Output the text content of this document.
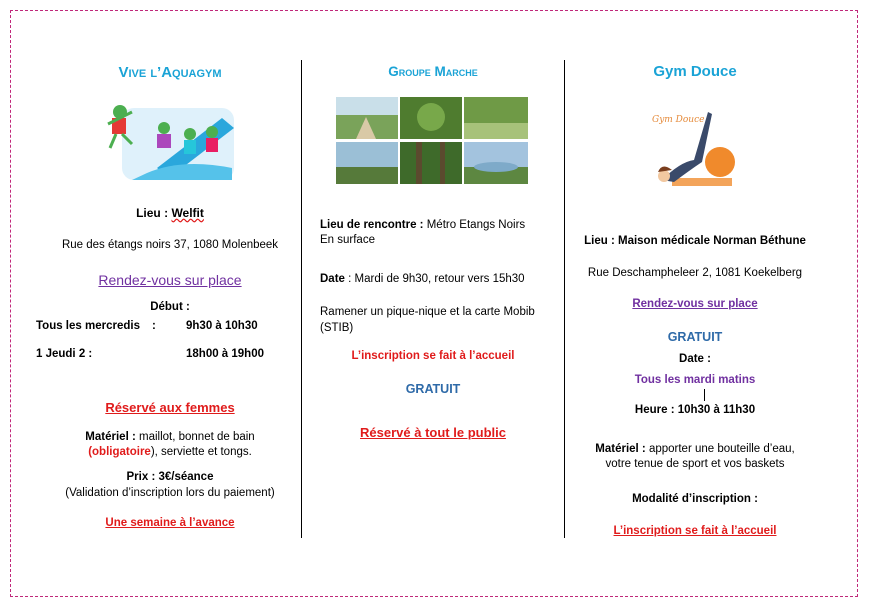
Vive l’Aquagym
Lieu : Welfit
Rue des étangs noirs 37, 1080 Molenbeek
Rendez-vous sur place
Début :
Tous les mercredis :	9h30 à 10h30
1 Jeudi 2 :	18h00 à 19h00
Réservé aux femmes
Matériel : maillot, bonnet de bain
(obligatoire), serviette et tongs.
Prix : 3€/séance
(Validation d’inscription lors du paiement)
Une semaine à l’avance
Groupe Marche
Lieu de rencontre : Métro Etangs Noirs
En surface
Date : Mardi de 9h30, retour vers 15h30
Ramener un pique-nique et la carte Mobib (STIB)
L’inscription se fait à l’accueil
GRATUIT
Réservé à tout le public
Gym Douce
Gym Douce
Lieu : Maison médicale Norman Béthune
Rue Deschampheleer 2, 1081 Koekelberg
Rendez-vous sur place
GRATUIT
Date :
Tous les mardi matins
Heure : 10h30 à 11h30
Matériel : apporter une bouteille d’eau, votre tenue de sport et vos baskets
Modalité d’inscription :
L’inscription se fait à l’accueil
